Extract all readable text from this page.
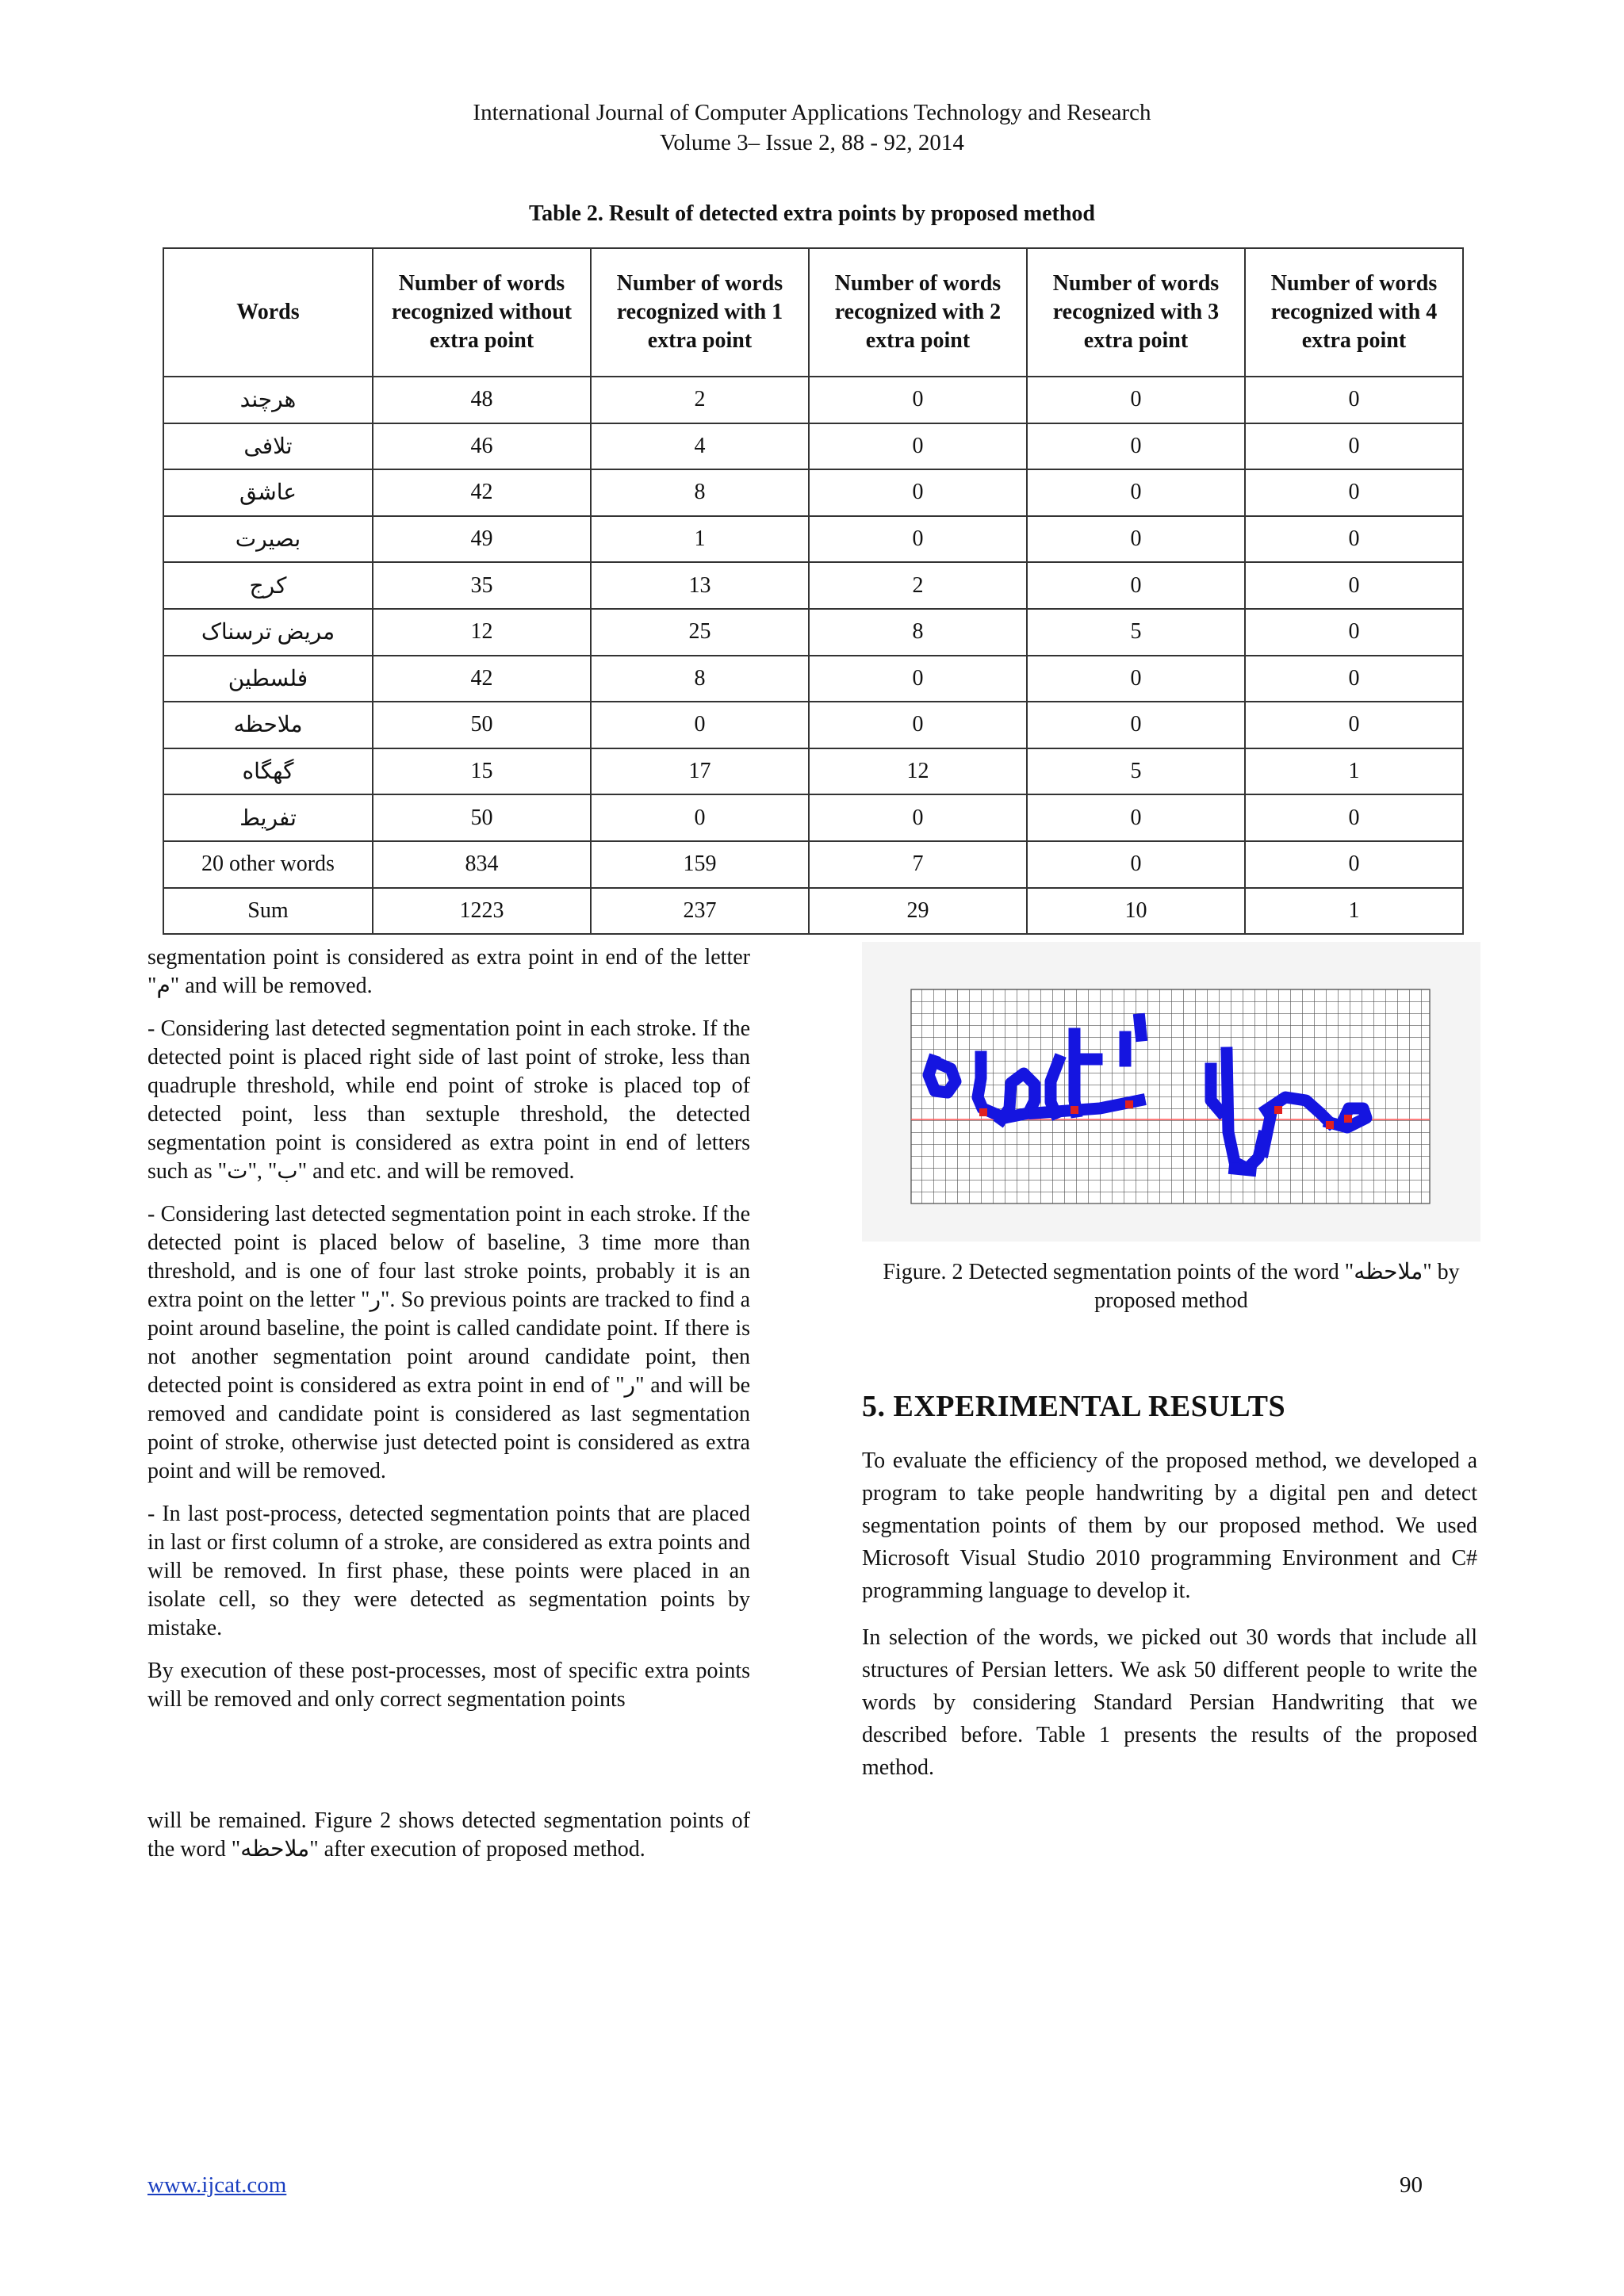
International Journal of Computer Applications Technology and Research
Volume 3– Issue 2, 88 - 92, 2014
Table 2. Result of detected extra points by proposed method
Words	Number of words recognized without extra point	Number of words recognized with 1 extra point	Number of words recognized with 2 extra point	Number of words recognized with 3 extra point	Number of words recognized with 4 extra point
هرچند	48	2	0	0	0
تلافی	46	4	0	0	0
عاشق	42	8	0	0	0
بصیرت	49	1	0	0	0
کرج	35	13	2	0	0
مریض ترسناک	12	25	8	5	0
فلسطین	42	8	0	0	0
ملاحظه	50	0	0	0	0
گهگاه	15	17	12	5	1
تفریط	50	0	0	0	0
20 other words	834	159	7	0	0
Sum	1223	237	29	10	1

segmentation point is considered as extra point in end of the letter "م" and will be removed.

- Considering last detected segmentation point in each stroke. If the detected point is placed right side of last point of stroke, less than quadruple threshold, while end point of stroke is placed top of detected point, less than sextuple threshold, the detected segmentation point is considered as extra point in end of letters such as "ب" ,"ت" and etc. and will be removed.

- Considering last detected segmentation point in each stroke. If the detected point is placed below of baseline, 3 time more than threshold, and is one of four last stroke points, probably it is an extra point on the letter "ر". So previous points are tracked to find a point around baseline, the point is called candidate point. If there is not another segmentation point around candidate point, then detected point is considered as extra point in end of "ر" and will be removed and candidate point is considered as last segmentation point of stroke, otherwise just detected point is considered as extra point and will be removed.

- In last post-process, detected segmentation points that are placed in last or first column of a stroke, are considered as extra points and will be removed. In first phase, these points were placed in an isolate cell, so they were detected as segmentation points by mistake.

By execution of these post-processes, most of specific extra points will be removed and only correct segmentation points

will be remained. Figure 2 shows detected segmentation points of the word "ملاحظه" after execution of proposed method.

Figure. 2 Detected segmentation points of the word "ملاحظه" by proposed method
5. EXPERIMENTAL RESULTS

To evaluate the efficiency of the proposed method, we developed a program to take people handwriting by a digital pen and detect segmentation points of them by our proposed method. We used Microsoft Visual Studio 2010 programming Environment and C# programming language to develop it.

In selection of the words, we picked out 30 words that include all structures of Persian letters. We ask 50 different people to write the words by considering Standard Persian Handwriting that we described before. Table 1 presents the results of the proposed method.

www.ijcat.com	90
